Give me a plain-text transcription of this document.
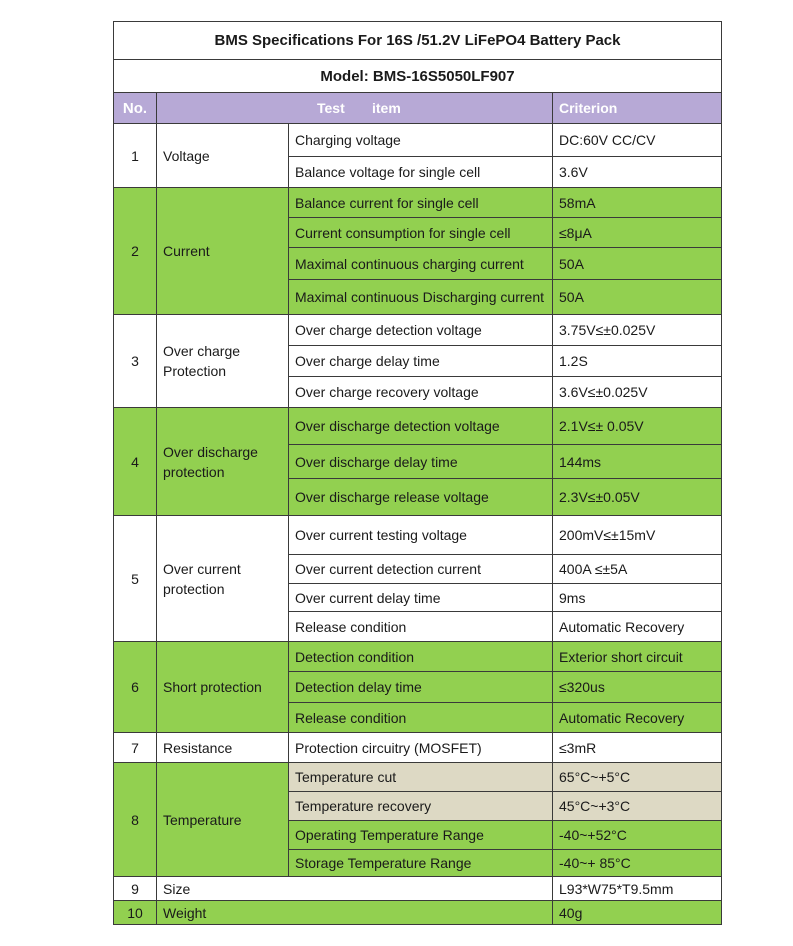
BMS Specifications For 16S /51.2V LiFePO4 Battery Pack			
Model: BMS-16S5050LF907			
No.	Test item		Criterion
1	Voltage	Charging voltage	DC:60V CC/CV
		Balance voltage for single cell	3.6V
2	Current	Balance current for single cell	58mA
		Current consumption for single cell	≤8μA
		Maximal continuous charging current	50A
		Maximal continuous Discharging current	50A
3	Over charge Protection	Over charge detection voltage	3.75V≤±0.025V
		Over charge delay time	1.2S
		Over charge recovery voltage	3.6V≤±0.025V
4	Over discharge protection	Over discharge detection voltage	2.1V≤± 0.05V
		Over discharge delay time	144ms
		Over discharge release voltage	2.3V≤±0.05V
5	Over current protection	Over current testing voltage	200mV≤±15mV
		Over current detection current	400A ≤±5A
		Over current delay time	9ms
		Release condition	Automatic Recovery
6	Short protection	Detection condition	Exterior short circuit
		Detection delay time	≤320us
		Release condition	Automatic Recovery
7	Resistance	Protection circuitry (MOSFET)	≤3mR
8	Temperature	Temperature cut	65°C~+5°C
		Temperature recovery	45°C~+3°C
		Operating Temperature Range	-40~+52°C
		Storage Temperature Range	-40~+ 85°C
9	Size		L93*W75*T9.5mm
10	Weight		40g
